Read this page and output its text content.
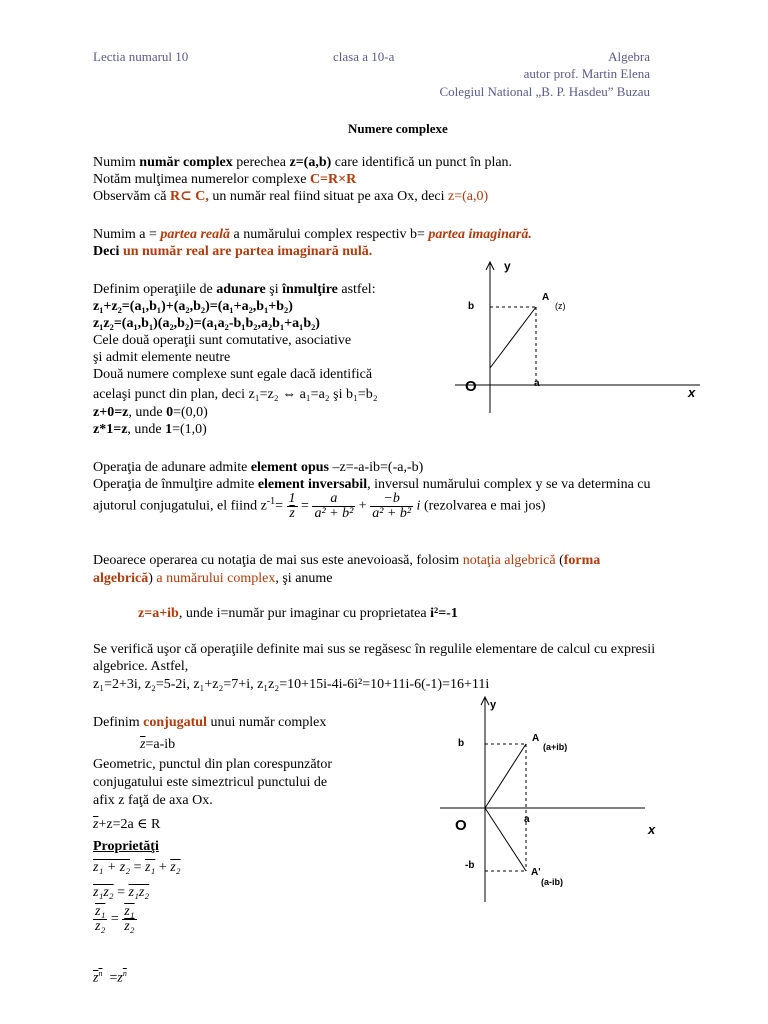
Lectia numarul 10	clasa a 10-a	Algebra
autor prof. Martin Elena
Colegiul National „B. P. Hasdeu” Buzau
Numere complexe
Numim număr complex perechea z=(a,b) care identifică un punct în plan.
Notăm mulţimea numerelor complexe C=R×R
Observăm că R⊂ C, un număr real fiind situat pe axa Ox, deci z=(a,0)
Numim a = partea reală a numărului complex respectiv b= partea imaginară.
Deci un număr real are partea imaginară nulă.
Definim operaţiile de adunare şi înmulţire astfel:
z₁+z₂=(a₁,b₁)+(a₂,b₂)=(a₁+a₂,b₁+b₂)
z₁z₂=(a₁,b₁)(a₂,b₂)=(a₁a₂-b₁b₂,a₂b₁+a₁b₂)
Cele două operaţii sunt comutative, asociative
şi admit elemente neutre
Două numere complexe sunt egale dacă identifică
acelaşi punct din plan, deci z₁=z₂ ⇔ a₁=a₂ şi b₁=b₂
z+0=z, unde 0=(0,0)
z*1=z, unde 1=(1,0)
y
A
(z)
b
O	a
x
Operaţia de adunare admite element opus –z=-a-ib=(-a,-b)
Operaţia de înmulţire admite element inversabil, inversul numărului complex y se va determina cu
ajutorul conjugatului, el fiind $z^{-1}= \frac{1}{z} = \frac{a}{\text{a² + b²}} + \frac{-b}{\text{a² + b²}}$ i (rezolvarea e mai jos)
Deoarece operarea cu notaţia de mai sus este anevoioasă, folosim notaţia algebrică (forma
algebrică) a numărului complex, şi anume
z=a+ib, unde i=număr pur imaginar cu proprietatea i²=-1
Se verifică uşor că operaţiile definite mai sus se regăsesc în regulile elementare de calcul cu expresii
algebrice. Astfel,
z₁=2+3i, z₂=5-2i, z₁+z₂=7+i, z₁z₂=10+15i-4i-6i²=10+11i-6(-1)=16+11i
Definim conjugatul unui număr complex
$\overline{z}=a-ib$
Geometric, punctul din plan corespunzător
conjugatului este simeztricul punctului de
afix z faţă de axa Ox.
$\overline{z}+z=2a$ ∈ R
Proprietăţi
z₁ + z₂ = z₁ + z₂
z₁z₂ = z₁z₂
$\frac{\text{z₁}}{\text{z₂}} = \frac{\text{z₁}}{\text{z₂}}$
$\overline{z}^{\overline{n}} =z^{\overline{n}}$
y
A
(a+ib)
b
O	a
x
-b
A'
(a-ib)
